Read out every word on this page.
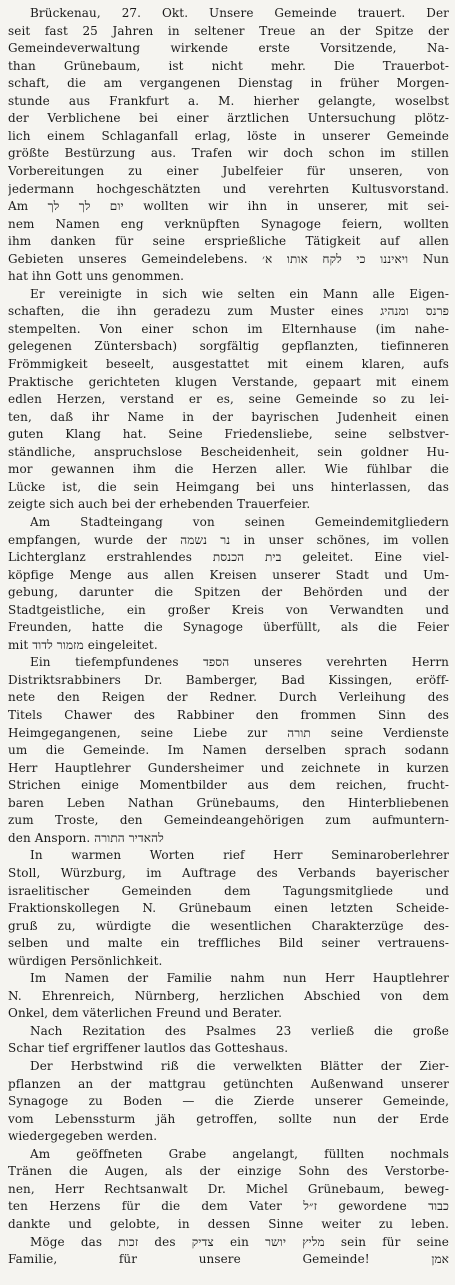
Brückenau, 27. Okt. Unsere Gemeinde trauert. Der
seit fast 25 Jahren in seltener Treue an der Spitze der
Gemeindeverwaltung wirkende erste Vorsitzende, Na-
than Grünebaum, ist nicht mehr. Die Trauerbot-
schaft, die am vergangenen Dienstag in früher Morgen-
stunde aus Frankfurt a. M. hierher gelangte, woselbst
der Verblichene bei einer ärztlichen Untersuchung plötz-
lich einem Schlaganfall erlag, löste in unserer Gemeinde
größte Bestürzung aus. Trafen wir doch schon im stillen
Vorbereitungen zu einer Jubelfeier für unseren, von
jedermann hochgeschätzten und verehrten Kultusvorstand.
Am יום לך לך wollten wir ihn in unserer, mit sei-
nem Namen eng verknüpften Synagoge feiern, wollten
ihm danken für seine ersprießliche Tätigkeit auf allen
Gebieten unseres Gemeindelebens. ויאיננו כי לקח אותו א׳ Nun
hat ihn Gott uns genommen.
Er vereinigte in sich wie selten ein Mann alle Eigen-
schaften, die ihn geradezu zum Muster eines פרנס ומנהיג
stempelten. Von einer schon im Elternhause (im nahe-
gelegenen Züntersbach) sorgfältig gepflanzten, tiefinneren
Frömmigkeit beseelt, ausgestattet mit einem klaren, aufs
Praktische gerichteten klugen Verstande, gepaart mit einem
edlen Herzen, verstand er es, seine Gemeinde so zu lei-
ten, daß ihr Name in der bayrischen Judenheit einen
guten Klang hat. Seine Friedensliebe, seine selbstver-
ständliche, anspruchslose Bescheidenheit, sein goldner Hu-
mor gewannen ihm die Herzen aller. Wie fühlbar die
Lücke ist, die sein Heimgang bei uns hinterlassen, das
zeigte sich auch bei der erhebenden Trauerfeier.
Am Stadteingang von seinen Gemeindemitgliedern
empfangen, wurde der נר נשמה in unser schönes, im vollen
Lichterglanz erstrahlendes בית הכנסת geleitet. Eine viel-
köpfige Menge aus allen Kreisen unserer Stadt und Um-
gebung, darunter die Spitzen der Behörden und der
Stadtgeistliche, ein großer Kreis von Verwandten und
Freunden, hatte die Synagoge überfüllt, als die Feier
mit מזמור לדוד eingeleitet.
Ein tiefempfundenes הספד unseres verehrten Herrn
Distriktsrabbiners Dr. Bamberger, Bad Kissingen, eröff-
nete den Reigen der Redner. Durch Verleihung des
Titels Chawer des Rabbiner den frommen Sinn des
Heimgegangenen, seine Liebe zur תורה seine Verdienste
um die Gemeinde. Im Namen derselben sprach sodann
Herr Hauptlehrer Gundersheimer und zeichnete in kurzen
Strichen einige Momentbilder aus dem reichen, frucht-
baren Leben Nathan Grünebaums, den Hinterbliebenen
zum Troste, den Gemeindeangehörigen zum aufmuntern-
den Ansporn. להאדיר התורה
In warmen Worten rief Herr Seminaroberlehrer
Stoll, Würzburg, im Auftrage des Verbands bayerischer
israelitischer Gemeinden dem Tagungsmitgliede und
Fraktionskollegen N. Grünebaum einen letzten Scheide-
gruß zu, würdigte die wesentlichen Charakterzüge des-
selben und malte ein treffliches Bild seiner vertrauens-
würdigen Persönlichkeit.
Im Namen der Familie nahm nun Herr Hauptlehrer
N. Ehrenreich, Nürnberg, herzlichen Abschied von dem
Onkel, dem väterlichen Freund und Berater.
Nach Rezitation des Psalmes 23 verließ die große
Schar tief ergriffener lautlos das Gotteshaus.
Der Herbstwind riß die verwelkten Blätter der Zier-
pflanzen an der mattgrau getünchten Außenwand unserer
Synagoge zu Boden — die Zierde unserer Gemeinde,
vom Lebenssturm jäh getroffen, sollte nun der Erde
wiedergegeben werden.
Am geöffneten Grabe angelangt, füllten nochmals
Tränen die Augen, als der einzige Sohn des Verstorbe-
nen, Herr Rechtsanwalt Dr. Michel Grünebaum, beweg-
ten Herzens für die dem Vater ז״ל gewordene כבוד
dankte und gelobte, in dessen Sinne weiter zu leben.
Möge das זכות des צדיק ein מליץ יושר sein für seine
Familie, für unsere Gemeinde! אמן
